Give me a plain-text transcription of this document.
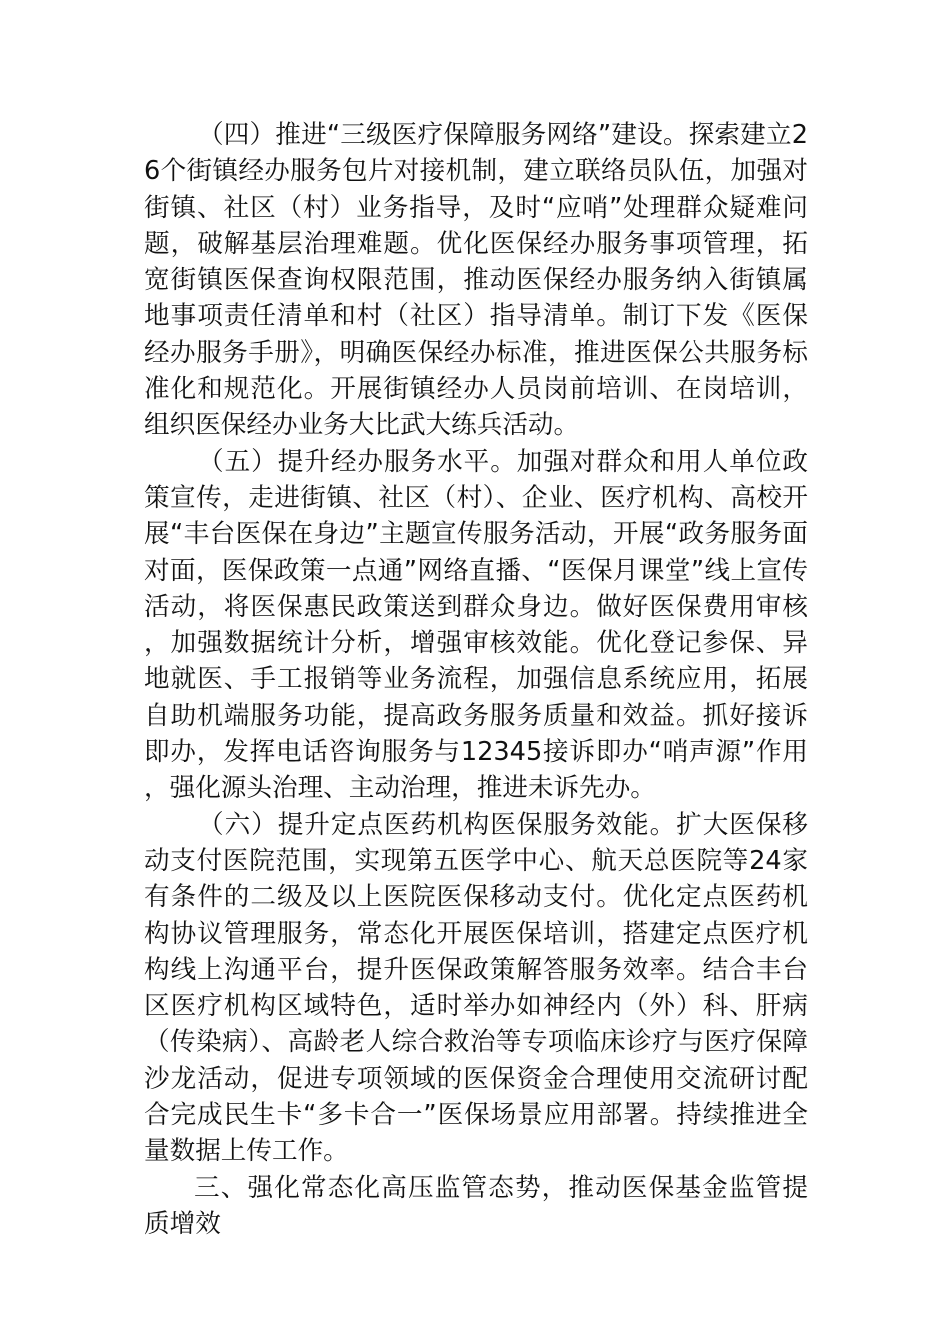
（四）推进“三级医疗保障服务网络”建设。探索建立26个街镇经办服务包片对接机制，建立联络员队伍，加强对街镇、社区（村）业务指导，及时“应哨”处理群众疑难问题，破解基层治理难题。优化医保经办服务事项管理，拓宽街镇医保查询权限范围，推动医保经办服务纳入街镇属地事项责任清单和村（社区）指导清单。制订下发《医保经办服务手册》，明确医保经办标准，推进医保公共服务标准化和规范化。开展街镇经办人员岗前培训、在岗培训，组织医保经办业务大比武大练兵活动。

（五）提升经办服务水平。加强对群众和用人单位政策宣传，走进街镇、社区（村）、企业、医疗机构、高校开展“丰台医保在身边”主题宣传服务活动，开展“政务服务面对面，医保政策一点通”网络直播、“医保月课堂”线上宣传活动，将医保惠民政策送到群众身边。做好医保费用审核，加强数据统计分析，增强审核效能。优化登记参保、异地就医、手工报销等业务流程，加强信息系统应用，拓展自助机端服务功能，提高政务服务质量和效益。抓好接诉即办，发挥电话咨询服务与12345接诉即办“哨声源”作用，强化源头治理、主动治理，推进未诉先办。

（六）提升定点医药机构医保服务效能。扩大医保移动支付医院范围，实现第五医学中心、航天总医院等24家有条件的二级及以上医院医保移动支付。优化定点医药机构协议管理服务，常态化开展医保培训，搭建定点医疗机构线上沟通平台，提升医保政策解答服务效率。结合丰台区医疗机构区域特色，适时举办如神经内（外）科、肝病（传染病）、高龄老人综合救治等专项临床诊疗与医疗保障沙龙活动，促进专项领域的医保资金合理使用交流研讨配合完成民生卡“多卡合一”医保场景应用部署。持续推进全量数据上传工作。

三、强化常态化高压监管态势，推动医保基金监管提质增效
